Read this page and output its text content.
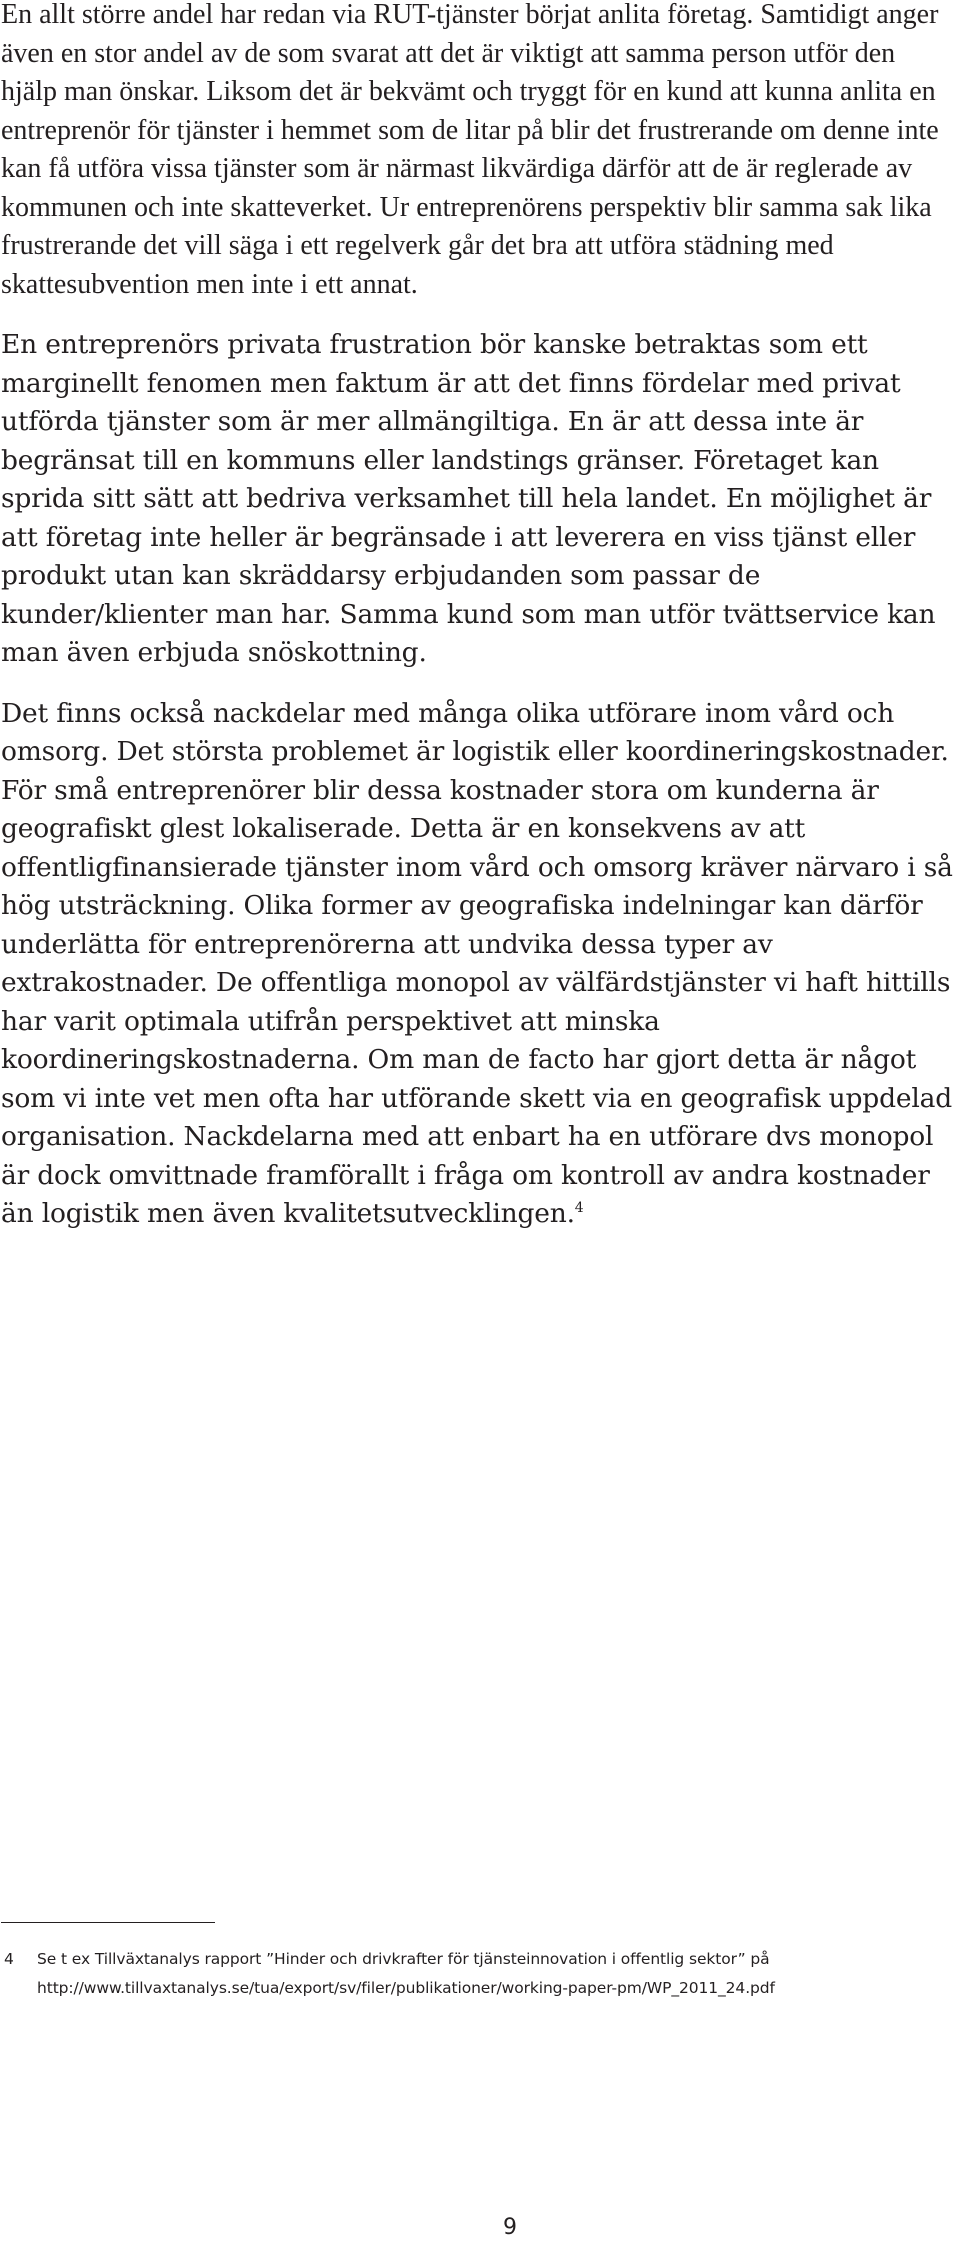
En allt större andel har redan via RUT-tjänster börjat anlita företag. Samtidigt anger även en stor andel av de som svarat att det är viktigt att samma person utför den hjälp man önskar. Liksom det är bekvämt och tryggt för en kund att kunna anlita en entreprenör för tjänster i hemmet som de litar på blir det frustrerande om denne inte kan få utföra vissa tjänster som är närmast likvärdiga därför att de är reglerade av kommunen och inte skatteverket. Ur entreprenörens perspektiv blir samma sak lika frustrerande det vill säga i ett regelverk går det bra att utföra städning med skattesubvention men inte i ett annat.

En entreprenörs privata frustration bör kanske betraktas som ett marginellt fenomen men faktum är att det finns fördelar med privat utförda tjänster som är mer allmängiltiga. En är att dessa inte är begränsat till en kommuns eller landstings gränser. Företaget kan sprida sitt sätt att bedriva verksamhet till hela landet. En möjlighet är att företag inte heller är begränsade i att leverera en viss tjänst eller produkt utan kan skräddarsy erbjudanden som passar de kunder/klienter man har. Samma kund som man utför tvättservice kan man även erbjuda snöskottning.

Det finns också nackdelar med många olika utförare inom vård och omsorg. Det största problemet är logistik eller koordineringskostnader. För små entreprenörer blir dessa kostnader stora om kunderna är geografiskt glest lokaliserade. Detta är en konsekvens av att offentligfinansierade tjänster inom vård och omsorg kräver närvaro i så hög utsträckning. Olika former av geografiska indelningar kan därför underlätta för entreprenörerna att undvika dessa typer av extrakostnader. De offentliga monopol av välfärdstjänster vi haft hittills har varit optimala utifrån perspektivet att minska koordineringskostnaderna. Om man de facto har gjort detta är något som vi inte vet men ofta har utförande skett via en geografisk uppdelad organisation. Nackdelarna med att enbart ha en utförare dvs monopol är dock omvittnade framförallt i fråga om kontroll av andra kostnader än logistik men även kvalitetsutvecklingen.$^4$

4 Se t ex Tillväxtanalys rapport ”Hinder och drivkrafter för tjänsteinnovation i offentlig sektor” på http://www.tillvaxtanalys.se/tua/export/sv/filer/publikationer/working-paper-pm/WP_2011_24.pdf
9
